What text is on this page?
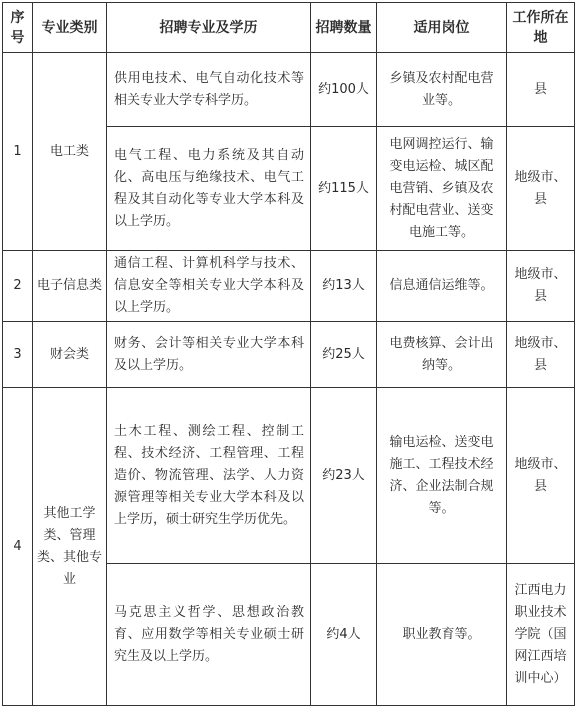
序号	专业类别	招聘专业及学历	招聘数量	适用岗位	工作所在地
1	电工类	供用电技术、电气自动化技术等相关专业大学专科学历。	约100人	乡镇及农村配电营业等。	县
		电气工程、电力系统及其自动化、高电压与绝缘技术、电气工程及其自动化等专业大学本科及以上学历。	约115人	电网调控运行、输变电运检、城区配电营销、乡镇及农村配电营业、送变电施工等。	地级市、县
2	电子信息类	通信工程、计算机科学与技术、信息安全等相关专业大学本科及以上学历。	约13人	信息通信运维等。	地级市、县
3	财会类	财务、会计等相关专业大学本科及以上学历。	约25人	电费核算、会计出纳等。	地级市、县
4	其他工学类、管理类、其他专业	土木工程、测绘工程、控制工程、技术经济、工程管理、工程造价、物流管理、法学、人力资源管理等相关专业大学本科及以上学历，硕士研究生学历优先。	约23人	输电运检、送变电施工、工程技术经济、企业法制合规等。	地级市、县
		马克思主义哲学、思想政治教育、应用数学等相关专业硕士研究生及以上学历。	约4人	职业教育等。	江西电力职业技术学院（国网江西培训中心）
